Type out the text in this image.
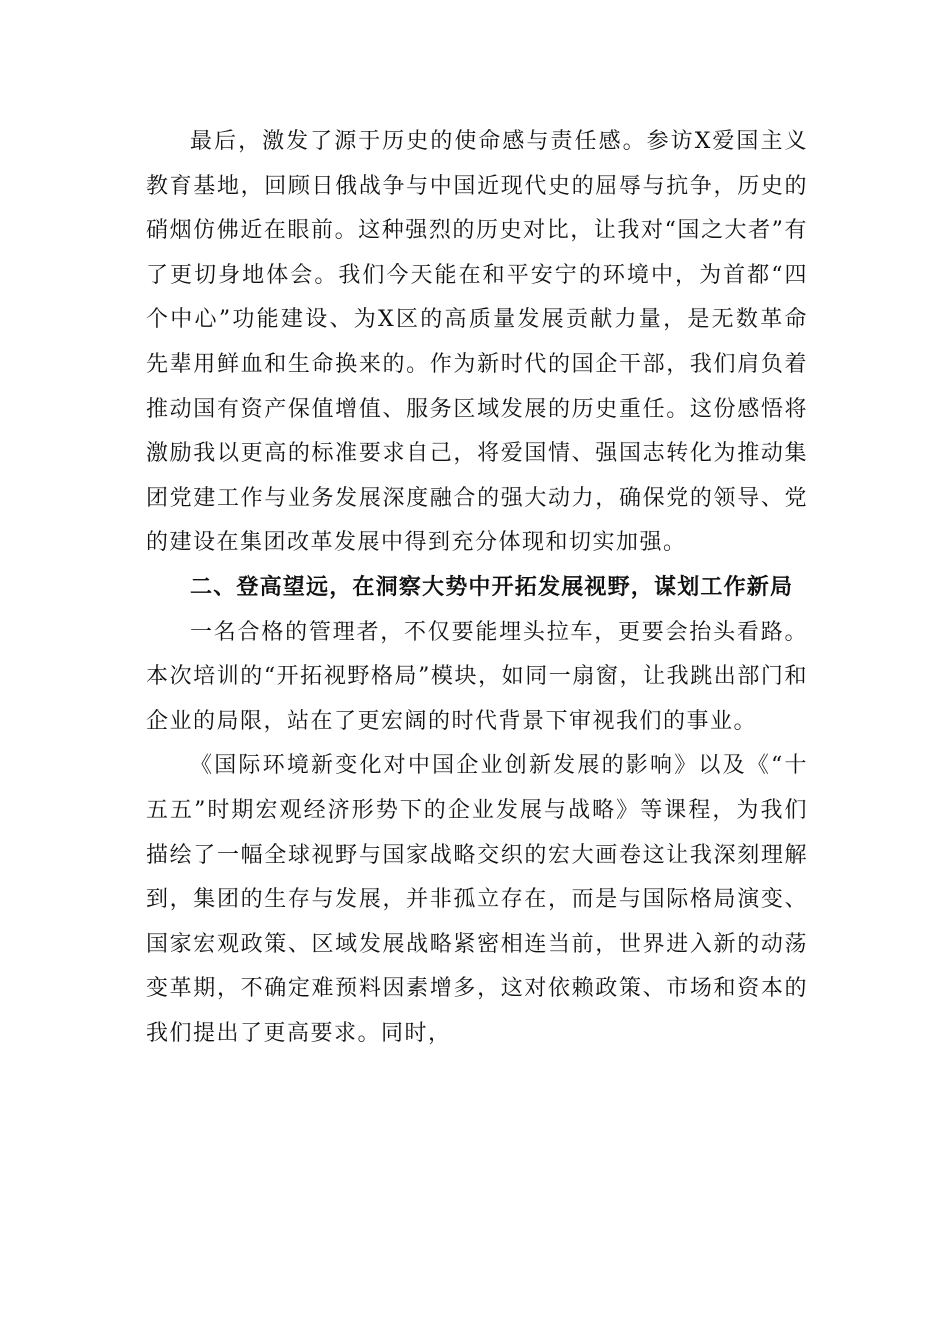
最后，激发了源于历史的使命感与责任感。参访X爱国主义教育基地，回顾日俄战争与中国近现代史的屈辱与抗争，历史的硝烟仿佛近在眼前。这种强烈的历史对比，让我对“国之大者”有了更切身地体会。我们今天能在和平安宁的环境中，为首都“四个中心”功能建设、为X区的高质量发展贡献力量，是无数革命先辈用鲜血和生命换来的。作为新时代的国企干部，我们肩负着推动国有资产保值增值、服务区域发展的历史重任。这份感悟将激励我以更高的标准要求自己，将爱国情、强国志转化为推动集团党建工作与业务发展深度融合的强大动力，确保党的领导、党的建设在集团改革发展中得到充分体现和切实加强。

二、登高望远，在洞察大势中开拓发展视野，谋划工作新局

一名合格的管理者，不仅要能埋头拉车，更要会抬头看路。本次培训的“开拓视野格局”模块，如同一扇窗，让我跳出部门和企业的局限，站在了更宏阔的时代背景下审视我们的事业。

《国际环境新变化对中国企业创新发展的影响》以及《“十五五”时期宏观经济形势下的企业发展与战略》等课程，为我们描绘了一幅全球视野与国家战略交织的宏大画卷这让我深刻理解到，集团的生存与发展，并非孤立存在，而是与国际格局演变、国家宏观政策、区域发展战略紧密相连当前，世界进入新的动荡变革期，不确定难预料因素增多，这对依赖政策、市场和资本的我们提出了更高要求。同时，
